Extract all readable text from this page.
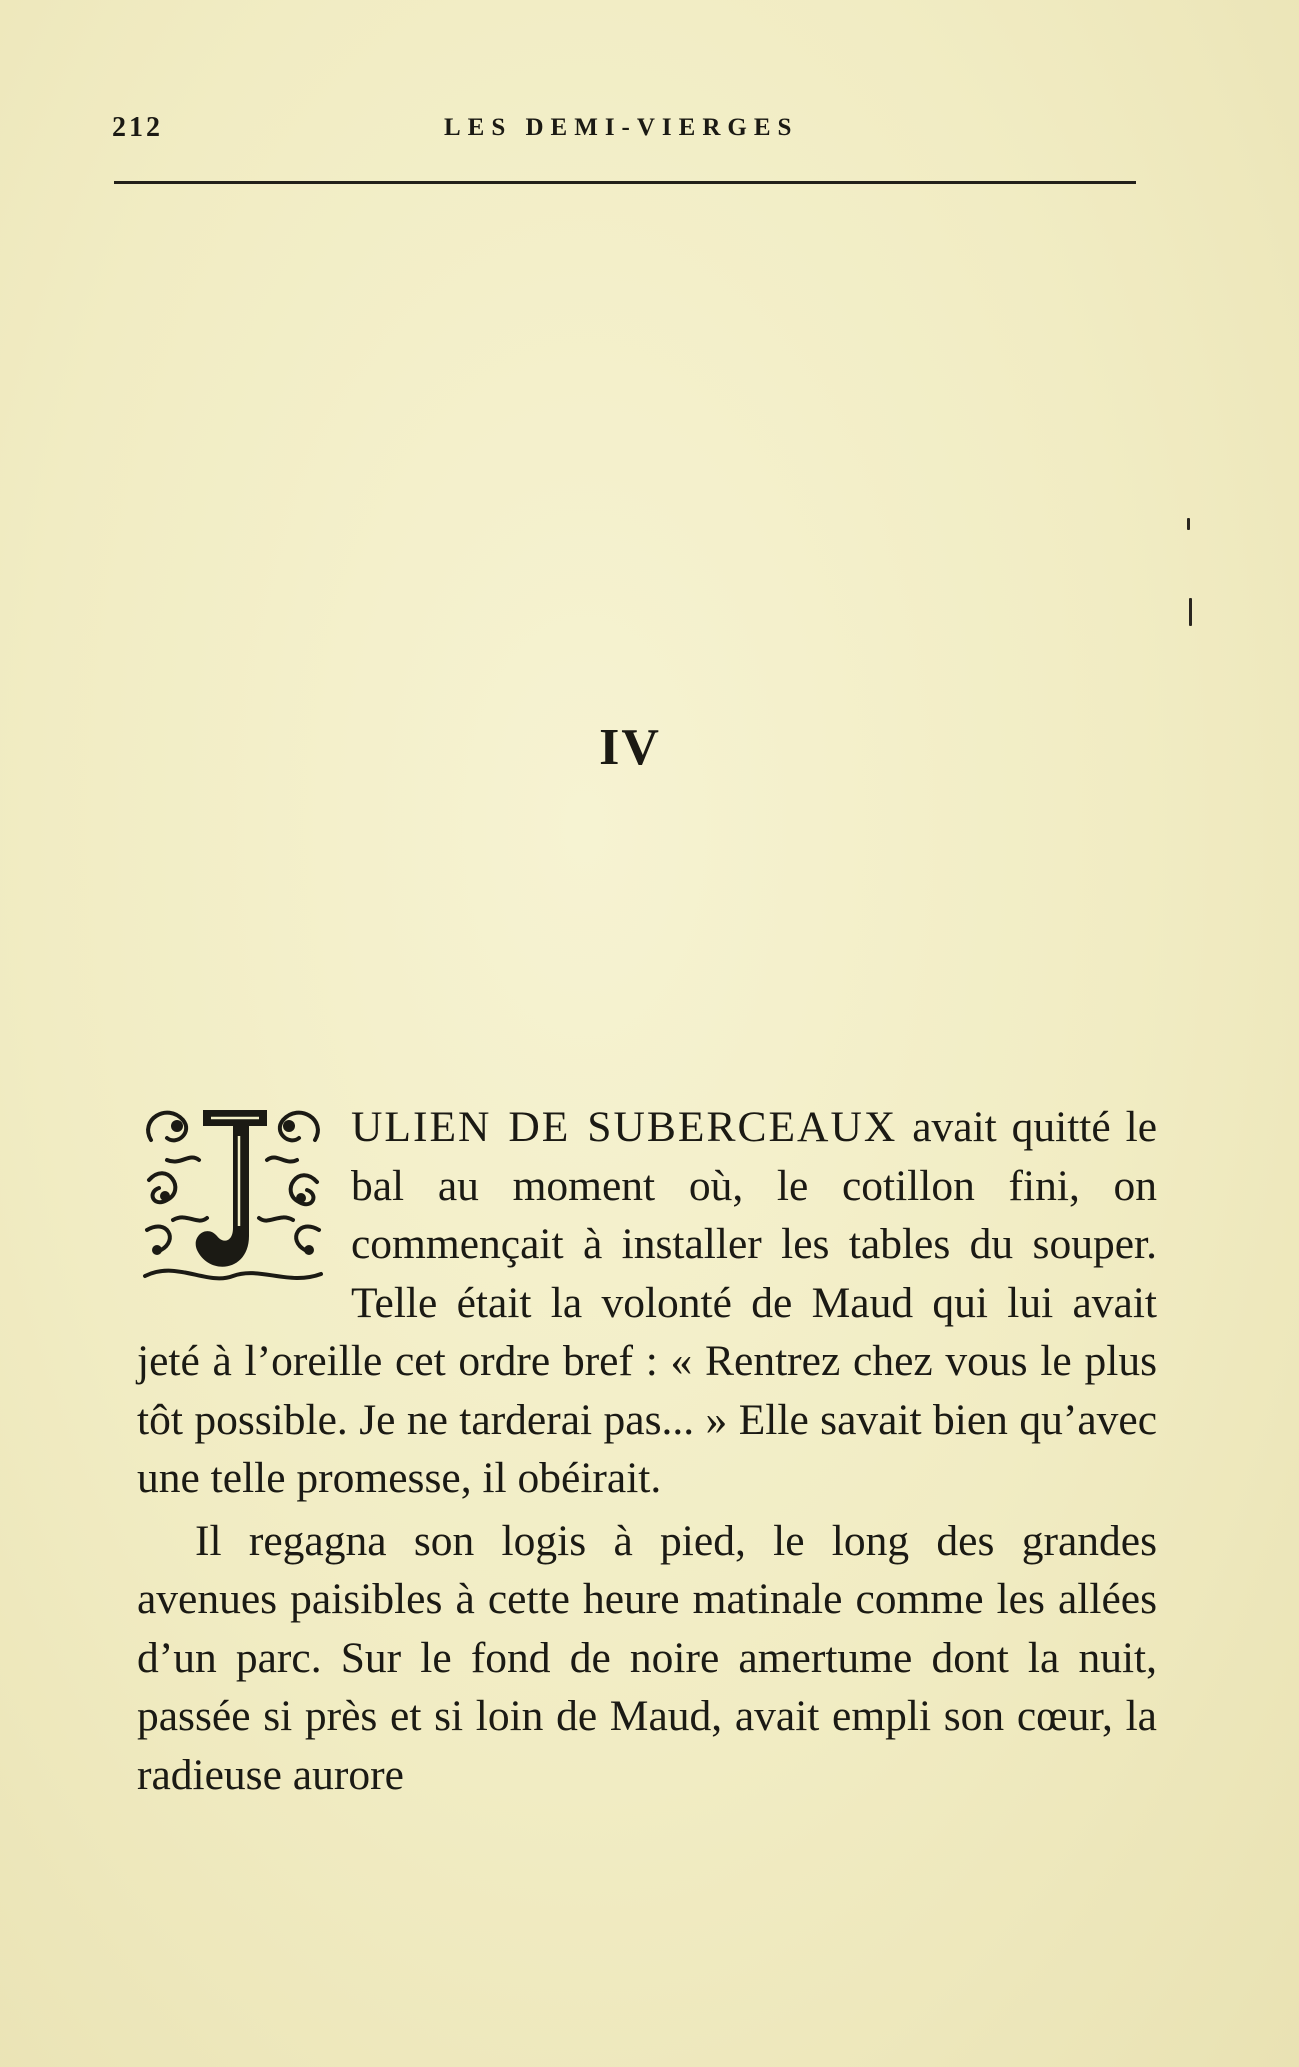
212	LES DEMI-VIERGES
IV

ULIEN DE SUBERCEAUX avait quitté le bal au moment où, le cotillon fini, on commençait à installer les tables du souper. Telle était la volonté de Maud qui lui avait jeté à l’oreille cet ordre bref : « Rentrez chez vous le plus tôt possible. Je ne tarderai pas... » Elle savait bien qu’avec une telle promesse, il obéirait.

Il regagna son logis à pied, le long des grandes avenues paisibles à cette heure matinale comme les allées d’un parc. Sur le fond de noire amertume dont la nuit, passée si près et si loin de Maud, avait empli son cœur, la radieuse aurore
